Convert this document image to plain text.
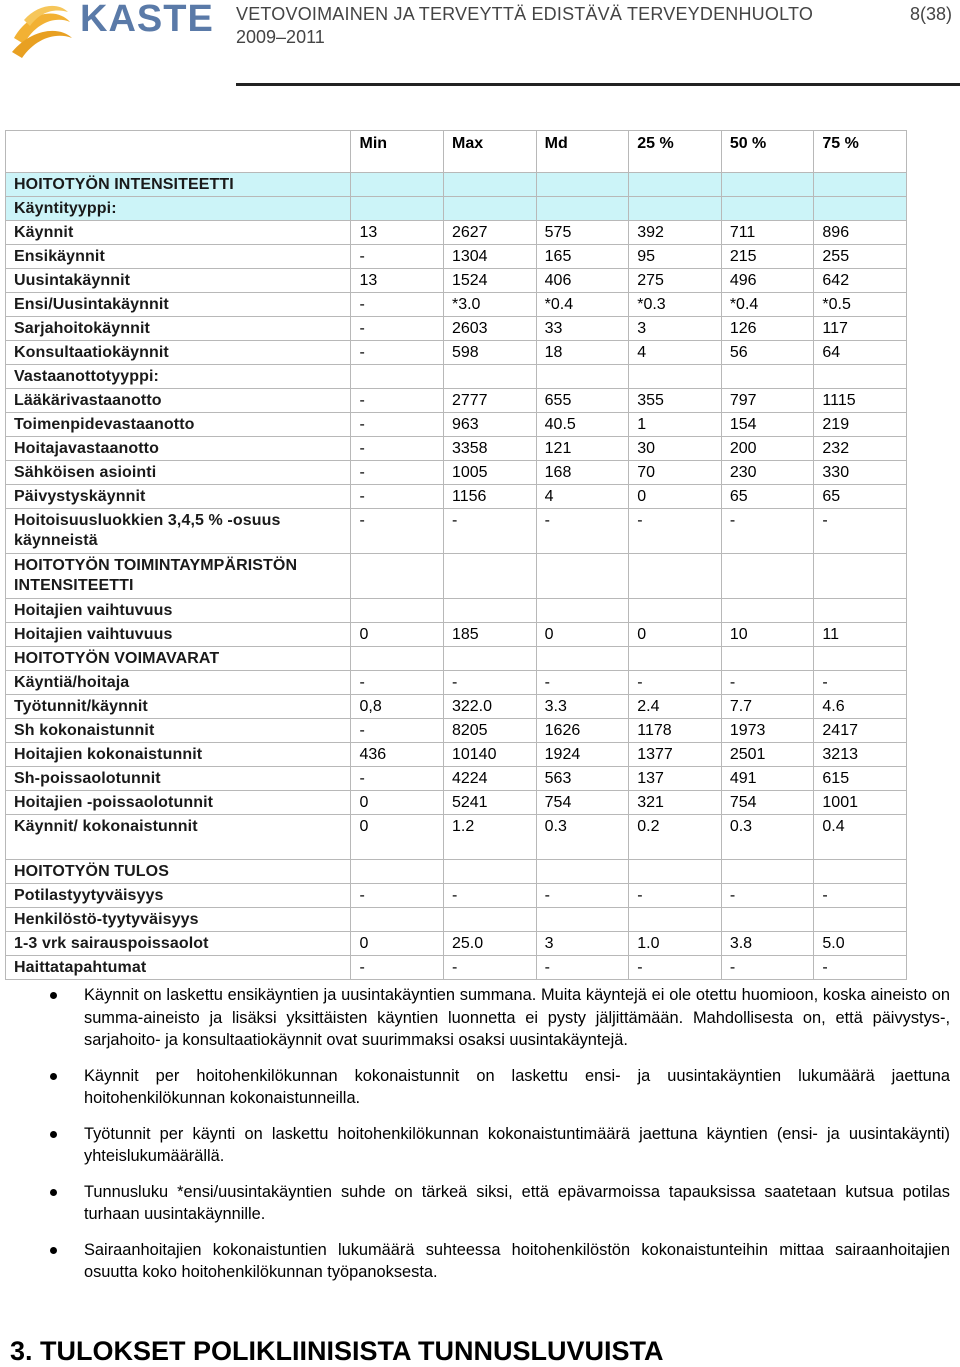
KASTE VETOVOIMAINEN JA TERVEYTTÄ EDISTÄVÄ TERVEYDENHUOLTO
2009–2011
8(38)
	Min	Max	Md	25 %	50 %	75 %
HOITOTYÖN INTENSITEETTI						
Käyntityyppi:						
Käynnit	13	2627	575	392	711	896
Ensikäynnit	-	1304	165	95	215	255
Uusintakäynnit	13	1524	406	275	496	642
Ensi/Uusintakäynnit	-	*3.0	*0.4	*0.3	*0.4	*0.5
Sarjahoitokäynnit	-	2603	33	3	126	117
Konsultaatiokäynnit	-	598	18	4	56	64
Vastaanottotyyppi:						
Lääkärivastaanotto	-	2777	655	355	797	1115
Toimenpidevastaanotto	-	963	40.5	1	154	219
Hoitajavastaanotto	-	3358	121	30	200	232
Sähköisen asiointi	-	1005	168	70	230	330
Päivystyskäynnit	-	1156	4	0	65	65
Hoitoisuusluokkien 3,4,5 % -osuus käynneistä	-	-	-	-	-	-
HOITOTYÖN TOIMINTAYMPÄRISTÖN INTENSITEETTI						
Hoitajien vaihtuvuus						
Hoitajien vaihtuvuus	0	185	0	0	10	11
HOITOTYÖN VOIMAVARAT						
Käyntiä/hoitaja	-	-	-	-	-	-
Työtunnit/käynnit	0,8	322.0	3.3	2.4	7.7	4.6
Sh kokonaistunnit	-	8205	1626	1178	1973	2417
Hoitajien kokonaistunnit	436	10140	1924	1377	2501	3213
Sh-poissaolotunnit	-	4224	563	137	491	615
Hoitajien -poissaolotunnit	0	5241	754	321	754	1001
Käynnit/ kokonaistunnit	0	1.2	0.3	0.2	0.3	0.4
HOITOTYÖN TULOS						
Potilastyytyväisyys	-	-	-	-	-	-
Henkilöstö-tyytyväisyys						
1-3 vrk sairauspoissaolot	0	25.0	3	1.0	3.8	5.0
Haittatapahtumat	-	-	-	-	-	-
Käynnit on laskettu ensikäyntien ja uusintakäyntien summana. Muita käyntejä ei ole otettu huomioon, koska aineisto on summa-aineisto ja lisäksi yksittäisten käyntien luonnetta ei pysty jäljittämään. Mahdollisesta on, että päivystys-, sarjahoito- ja konsultaatiokäynnit ovat suurimmaksi osaksi uusintakäyntejä.
Käynnit per hoitohenkilökunnan kokonaistunnit on laskettu ensi- ja uusintakäyntien lukumäärä jaettuna hoitohenkilökunnan kokonaistunneilla.
Työtunnit per käynti on laskettu hoitohenkilökunnan kokonaistuntimäärä jaettuna käyntien (ensi- ja uusintakäynti) yhteislukumäärällä.
Tunnusluku *ensi/uusintakäyntien suhde on tärkeä siksi, että epävarmoissa tapauksissa saatetaan kutsua potilas turhaan uusintakäynnille.
Sairaanhoitajien kokonaistuntien lukumäärä suhteessa hoitohenkilöstön kokonaistunteihin mittaa sairaanhoitajien osuutta koko hoitohenkilökunnan työpanoksesta.
3. TULOKSET POLIKLIINISISTA TUNNUSLUVUISTA
